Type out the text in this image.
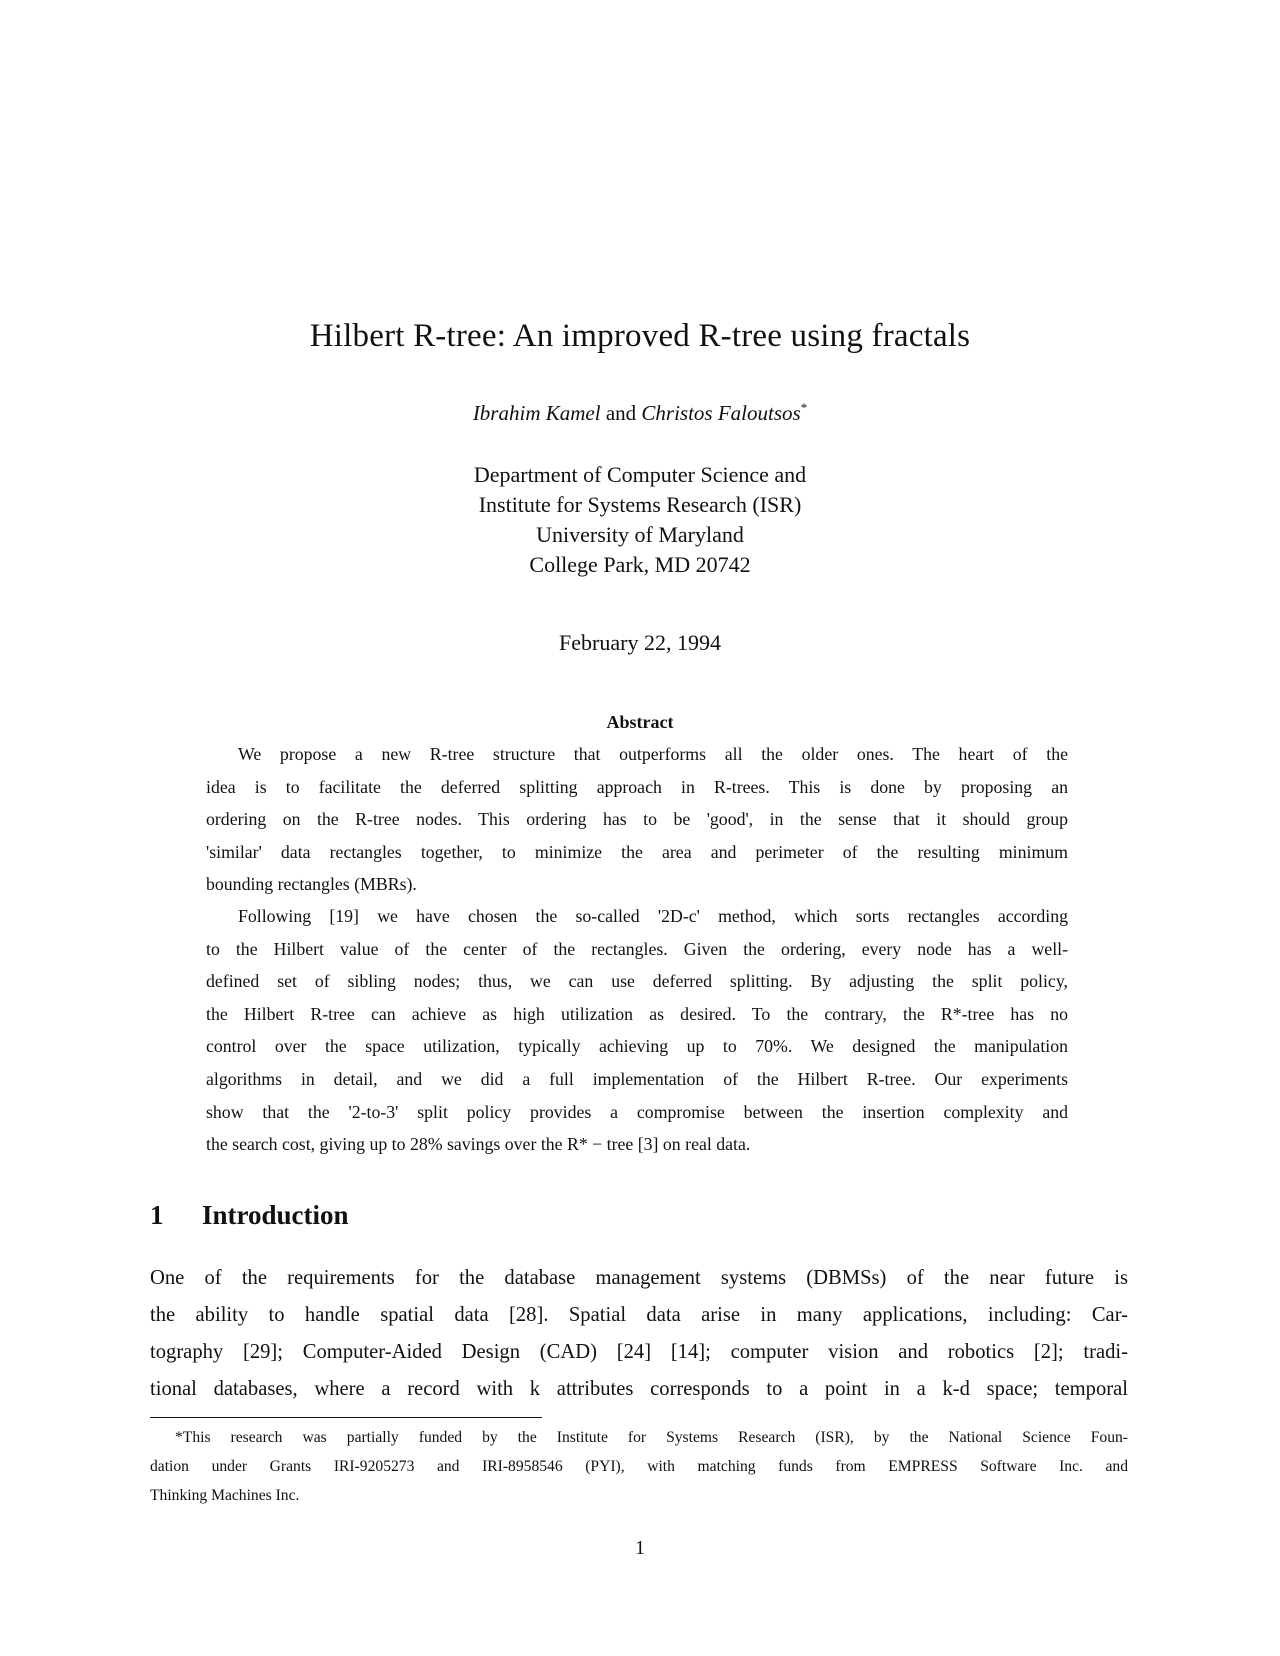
Hilbert R-tree: An improved R-tree using fractals
Ibrahim Kamel and Christos Faloutsos*
Department of Computer Science and
Institute for Systems Research (ISR)
University of Maryland
College Park, MD 20742
February 22, 1994
Abstract
We propose a new R-tree structure that outperforms all the older ones. The heart of the
idea is to facilitate the deferred splitting approach in R-trees. This is done by proposing an
ordering on the R-tree nodes. This ordering has to be 'good', in the sense that it should group
'similar' data rectangles together, to minimize the area and perimeter of the resulting minimum
bounding rectangles (MBRs).
Following [19] we have chosen the so-called '2D-c' method, which sorts rectangles according
to the Hilbert value of the center of the rectangles. Given the ordering, every node has a well-
defined set of sibling nodes; thus, we can use deferred splitting. By adjusting the split policy,
the Hilbert R-tree can achieve as high utilization as desired. To the contrary, the R*-tree has no
control over the space utilization, typically achieving up to 70%. We designed the manipulation
algorithms in detail, and we did a full implementation of the Hilbert R-tree. Our experiments
show that the '2-to-3' split policy provides a compromise between the insertion complexity and
the search cost, giving up to 28% savings over the R* − tree [3] on real data.
1 Introduction
One of the requirements for the database management systems (DBMSs) of the near future is
the ability to handle spatial data [28]. Spatial data arise in many applications, including: Car-
tography [29]; Computer-Aided Design (CAD) [24] [14]; computer vision and robotics [2]; tradi-
tional databases, where a record with k attributes corresponds to a point in a k-d space; temporal
*This research was partially funded by the Institute for Systems Research (ISR), by the National Science Foun-
dation under Grants IRI-9205273 and IRI-8958546 (PYI), with matching funds from EMPRESS Software Inc. and
Thinking Machines Inc.
1
